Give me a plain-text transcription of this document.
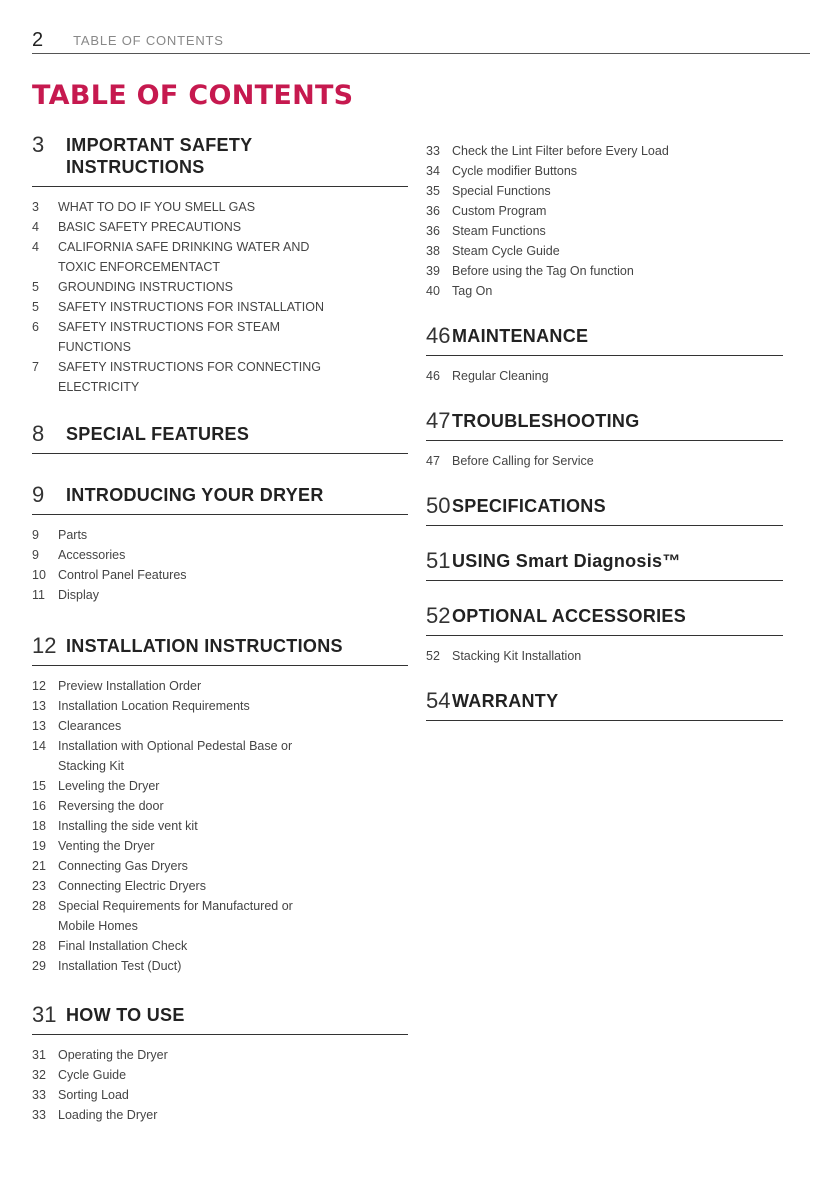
2 TABLE OF CONTENTS
TABLE OF CONTENTS
3	IMPORTANT SAFETY
INSTRUCTIONS
3	WHAT TO DO IF YOU SMELL GAS
4	BASIC SAFETY PRECAUTIONS
4	CALIFORNIA SAFE DRINKING WATER AND
TOXIC ENFORCEMENTACT
5	GROUNDING INSTRUCTIONS
5	SAFETY INSTRUCTIONS FOR INSTALLATION
6	SAFETY INSTRUCTIONS FOR STEAM
FUNCTIONS
7	SAFETY INSTRUCTIONS FOR CONNECTING
ELECTRICITY
8	SPECIAL FEATURES
9	INTRODUCING YOUR DRYER
9	Parts
9	Accessories
10 Control Panel Features
11	Display
12 INSTALLATION INSTRUCTIONS
12 Preview Installation Order
13 Installation Location Requirements
13 Clearances
14 Installation with Optional Pedestal Base or
Stacking Kit
15 Leveling the Dryer
16 Reversing the door
18 Installing the side vent kit
19 Venting the Dryer
21 Connecting Gas Dryers
23 Connecting Electric Dryers
28 Special Requirements for Manufactured or
Mobile Homes
28 Final Installation Check
29 Installation Test (Duct)
31 HOW TO USE
31 Operating the Dryer
32 Cycle Guide
33 Sorting Load
33 Loading the Dryer
33 Check the Lint Filter before Every Load
34 Cycle modifier Buttons
35 Special Functions
36 Custom Program
36 Steam Functions
38 Steam Cycle Guide
39 Before using the Tag On function
40 Tag On
46 MAINTENANCE
46 Regular Cleaning
47 TROUBLESHOOTING
47 Before Calling for Service
50 SPECIFICATIONS
51 USING Smart Diagnosis™
52 OPTIONAL ACCESSORIES
52 Stacking Kit Installation
54 WARRANTY
